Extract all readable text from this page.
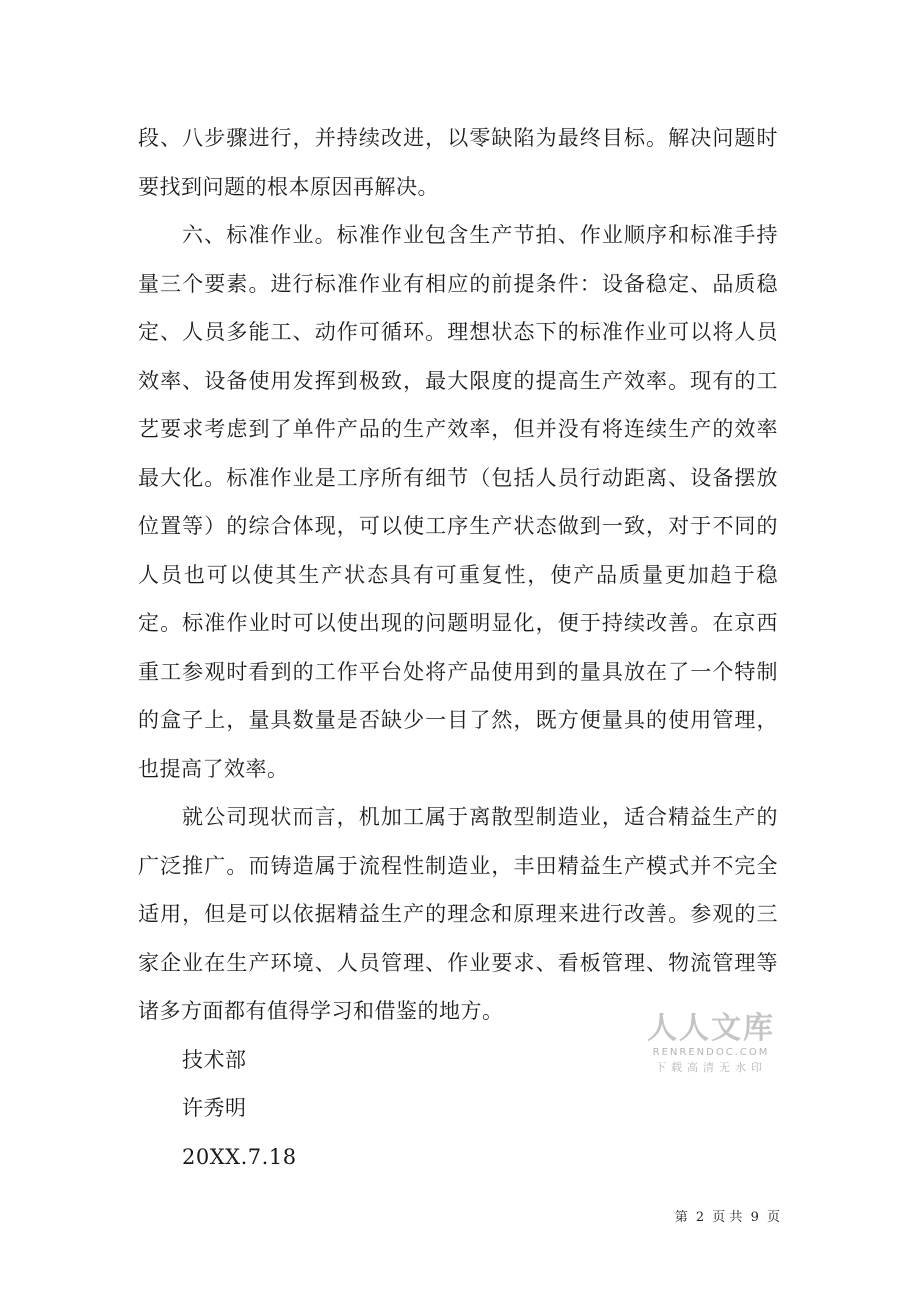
段、八步骤进行，并持续改进，以零缺陷为最终目标。解决问题时要找到问题的根本原因再解决。

六、标准作业。标准作业包含生产节拍、作业顺序和标准手持量三个要素。进行标准作业有相应的前提条件：设备稳定、品质稳定、人员多能工、动作可循环。理想状态下的标准作业可以将人员效率、设备使用发挥到极致，最大限度的提高生产效率。现有的工艺要求考虑到了单件产品的生产效率，但并没有将连续生产的效率最大化。标准作业是工序所有细节（包括人员行动距离、设备摆放位置等）的综合体现，可以使工序生产状态做到一致，对于不同的人员也可以使其生产状态具有可重复性，使产品质量更加趋于稳定。标准作业时可以使出现的问题明显化，便于持续改善。在京西重工参观时看到的工作平台处将产品使用到的量具放在了一个特制的盒子上，量具数量是否缺少一目了然，既方便量具的使用管理，也提高了效率。

就公司现状而言，机加工属于离散型制造业，适合精益生产的广泛推广。而铸造属于流程性制造业，丰田精益生产模式并不完全适用，但是可以依据精益生产的理念和原理来进行改善。参观的三家企业在生产环境、人员管理、作业要求、看板管理、物流管理等诸多方面都有值得学习和借鉴的地方。

技术部

许秀明

20XX.7.18

人人文库
RENRENDOC.COM
下载高清无水印
第 2 页 共 9 页
